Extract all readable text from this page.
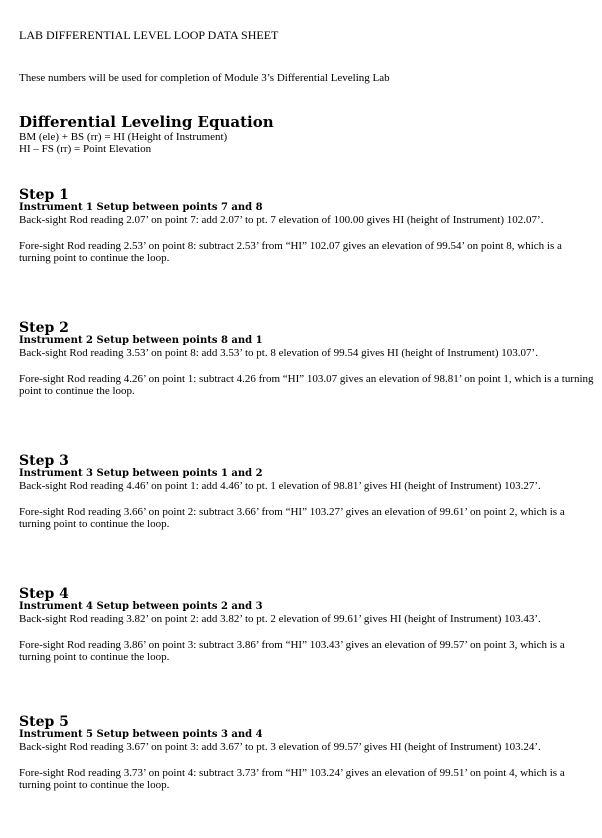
LAB DIFFERENTIAL LEVEL LOOP DATA SHEET
These numbers will be used for completion of Module 3’s Differential Leveling Lab
Differential Leveling Equation
BM (ele) + BS (rr) = HI (Height of Instrument)
HI – FS (rr) = Point Elevation
Step 1
Instrument 1 Setup between points 7 and 8

Back-sight Rod reading 2.07’ on point 7: add 2.07’ to pt. 7 elevation of 100.00 gives HI (height of Instrument) 102.07’.

Fore-sight Rod reading 2.53’ on point 8: subtract 2.53’ from “HI” 102.07 gives an elevation of 99.54’ on point 8, which is a turning point to continue the loop.

Step 2
Instrument 2 Setup between points 8 and 1

Back-sight Rod reading 3.53’ on point 8: add 3.53’ to pt. 8 elevation of 99.54 gives HI (height of Instrument) 103.07’.

Fore-sight Rod reading 4.26’ on point 1: subtract 4.26 from “HI” 103.07 gives an elevation of 98.81’ on point 1, which is a turning point to continue the loop.

Step 3
Instrument 3 Setup between points 1 and 2

Back-sight Rod reading 4.46’ on point 1: add 4.46’ to pt. 1 elevation of 98.81’ gives HI (height of Instrument) 103.27’.

Fore-sight Rod reading 3.66’ on point 2: subtract 3.66’ from “HI” 103.27’ gives an elevation of 99.61’ on point 2, which is a turning point to continue the loop.

Step 4
Instrument 4 Setup between points 2 and 3

Back-sight Rod reading 3.82’ on point 2: add 3.82’ to pt. 2 elevation of 99.61’ gives HI (height of Instrument) 103.43’.

Fore-sight Rod reading 3.86’ on point 3: subtract 3.86’ from “HI” 103.43’ gives an elevation of 99.57’ on point 3, which is a turning point to continue the loop.

Step 5
Instrument 5 Setup between points 3 and 4

Back-sight Rod reading 3.67’ on point 3: add 3.67’ to pt. 3 elevation of 99.57’ gives HI (height of Instrument) 103.24’.

Fore-sight Rod reading 3.73’ on point 4: subtract 3.73’ from “HI” 103.24’ gives an elevation of 99.51’ on point 4, which is a turning point to continue the loop.
